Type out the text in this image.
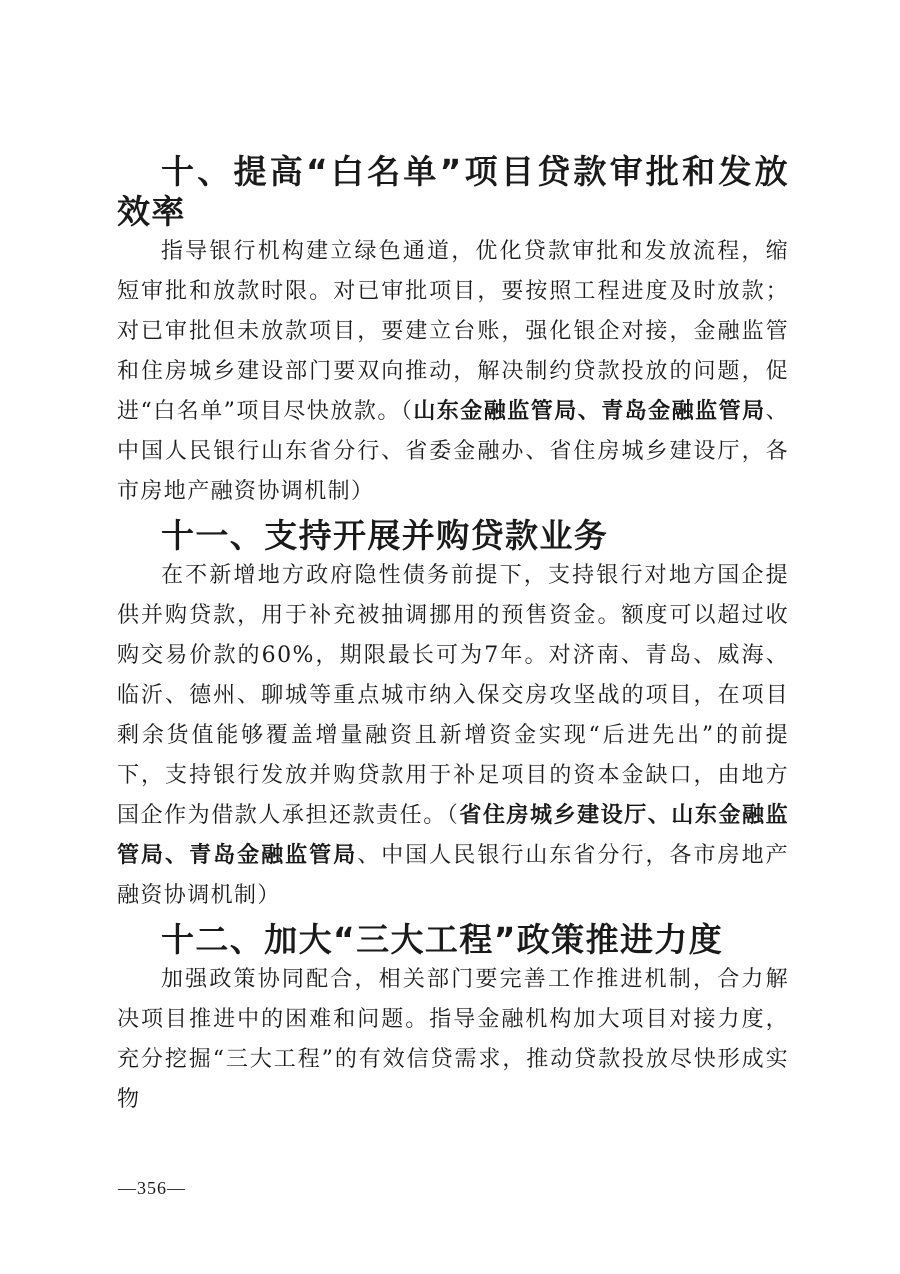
十、提高“白名单”项目贷款审批和发放效率

指导银行机构建立绿色通道，优化贷款审批和发放流程，缩短审批和放款时限。对已审批项目，要按照工程进度及时放款；对已审批但未放款项目，要建立台账，强化银企对接，金融监管和住房城乡建设部门要双向推动，解决制约贷款投放的问题，促进“白名单”项目尽快放款。（山东金融监管局、青岛金融监管局、中国人民银行山东省分行、省委金融办、省住房城乡建设厅，各市房地产融资协调机制）

十一、支持开展并购贷款业务

在不新增地方政府隐性债务前提下，支持银行对地方国企提供并购贷款，用于补充被抽调挪用的预售资金。额度可以超过收购交易价款的60%，期限最长可为7年。对济南、青岛、威海、临沂、德州、聊城等重点城市纳入保交房攻坚战的项目，在项目剩余货值能够覆盖增量融资且新增资金实现“后进先出”的前提下，支持银行发放并购贷款用于补足项目的资本金缺口，由地方国企作为借款人承担还款责任。（省住房城乡建设厅、山东金融监管局、青岛金融监管局、中国人民银行山东省分行，各市房地产融资协调机制）

十二、加大“三大工程”政策推进力度

加强政策协同配合，相关部门要完善工作推进机制，合力解决项目推进中的困难和问题。指导金融机构加大项目对接力度，充分挖掘“三大工程”的有效信贷需求，推动贷款投放尽快形成实物

—356—
